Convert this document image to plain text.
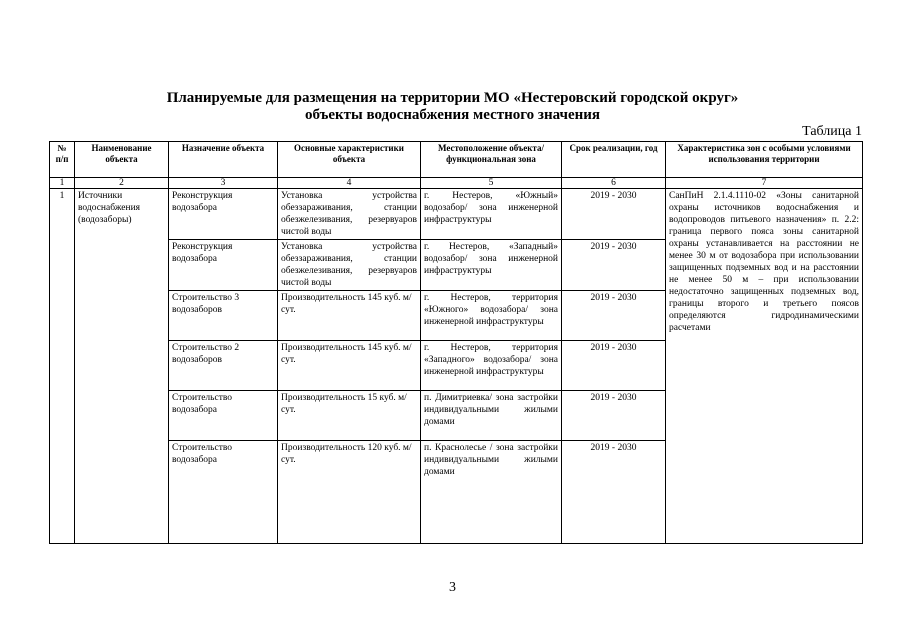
Планируемые для размещения на территории МО «Нестеровский городской округ»
объекты водоснабжения местного значения
Таблица 1
№ п/п	Наименование объекта	Назначение объекта	Основные характеристики объекта	Местоположение объекта/ функциональная зона	Срок реализации, год	Характеристика зон с особыми условиями использования территории
1	2	3	4	5	6	7
1	Источники водоснабжения (водозаборы)	Реконструкция водозабора	Установка устройства обеззараживания, станции обезжелезивания, резервуаров чистой воды	г. Нестеров, «Южный» водозабор/ зона инженерной инфраструктуры	2019 - 2030	СанПиН 2.1.4.1110-02 «Зоны санитарной охраны источников водоснабжения и водопроводов питьевого назначения» п. 2.2: граница первого пояса зоны санитарной охраны устанавливается на расстоянии не менее 30 м от водозабора при использовании защищенных подземных вод и на расстоянии не менее 50 м – при использовании недостаточно защищенных подземных вод, границы второго и третьего поясов определяются гидродинамическими расчетами
		Реконструкция водозабора	Установка устройства обеззараживания, станции обезжелезивания, резервуаров чистой воды	г. Нестеров, «Западный» водозабор/ зона инженерной инфраструктуры	2019 - 2030	
		Строительство 3 водозаборов	Производительность 145 куб. м/сут.	г. Нестеров, территория «Южного» водозабора/ зона инженерной инфраструктуры	2019 - 2030	
		Строительство 2 водозаборов	Производительность 145 куб. м/сут.	г. Нестеров, территория «Западного» водозабора/ зона инженерной инфраструктуры	2019 - 2030	
		Строительство водозабора	Производительность 15 куб. м/сут.	п. Димитриевка/ зона застройки индивидуальными жилыми домами	2019 - 2030	
		Строительство водозабора	Производительность 120 куб. м/сут.	п. Краснолесье / зона застройки индивидуальными жилыми домами	2019 - 2030	
3
